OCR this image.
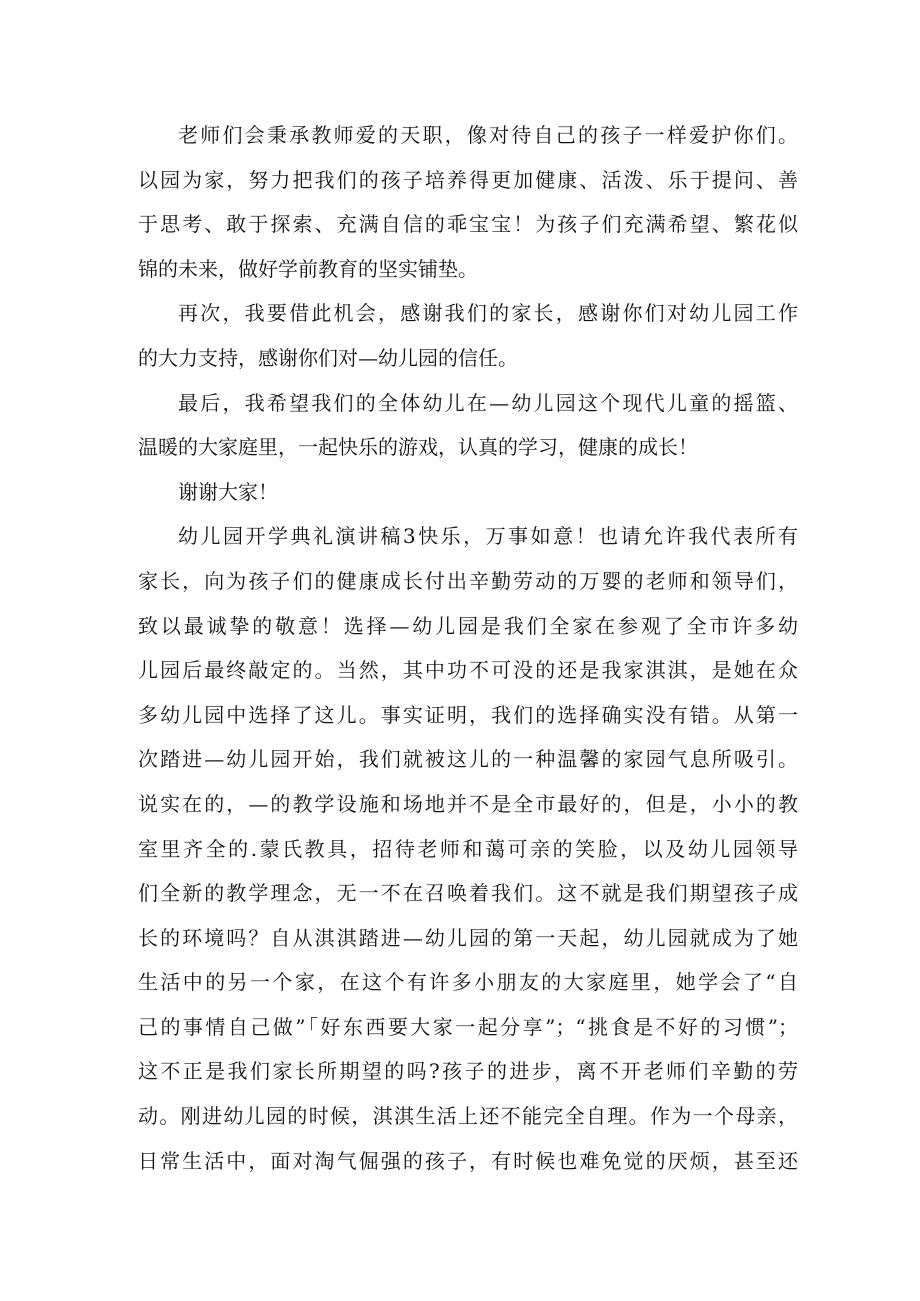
老师们会秉承教师爱的天职，像对待自己的孩子一样爱护你们。
以园为家，努力把我们的孩子培养得更加健康、活泼、乐于提问、善
于思考、敢于探索、充满自信的乖宝宝！为孩子们充满希望、繁花似
锦的未来，做好学前教育的坚实铺垫。
再次，我要借此机会，感谢我们的家长，感谢你们对幼儿园工作
的大力支持，感谢你们对—幼儿园的信任。
最后，我希望我们的全体幼儿在—幼儿园这个现代儿童的摇篮、
温暖的大家庭里，一起快乐的游戏，认真的学习，健康的成长！
谢谢大家！
幼儿园开学典礼演讲稿3快乐，万事如意！也请允许我代表所有
家长，向为孩子们的健康成长付出辛勤劳动的万婴的老师和领导们，
致以最诚挚的敬意！选择—幼儿园是我们全家在参观了全市许多幼
儿园后最终敲定的。当然，其中功不可没的还是我家淇淇，是她在众
多幼儿园中选择了这儿。事实证明，我们的选择确实没有错。从第一
次踏进—幼儿园开始，我们就被这儿的一种温馨的家园气息所吸引。
说实在的，—的教学设施和场地并不是全市最好的，但是，小小的教
室里齐全的.蒙氏教具，招待老师和蔼可亲的笑脸，以及幼儿园领导
们全新的教学理念，无一不在召唤着我们。这不就是我们期望孩子成
长的环境吗？自从淇淇踏进—幼儿园的第一天起，幼儿园就成为了她
生活中的另一个家，在这个有许多小朋友的大家庭里，她学会了“自
己的事情自己做”「好东西要大家一起分享”；“挑食是不好的习惯”；
这不正是我们家长所期望的吗?孩子的进步，离不开老师们辛勤的劳
动。刚进幼儿园的时候，淇淇生活上还不能完全自理。作为一个母亲，
日常生活中，面对淘气倔强的孩子，有时候也难免觉的厌烦，甚至还
